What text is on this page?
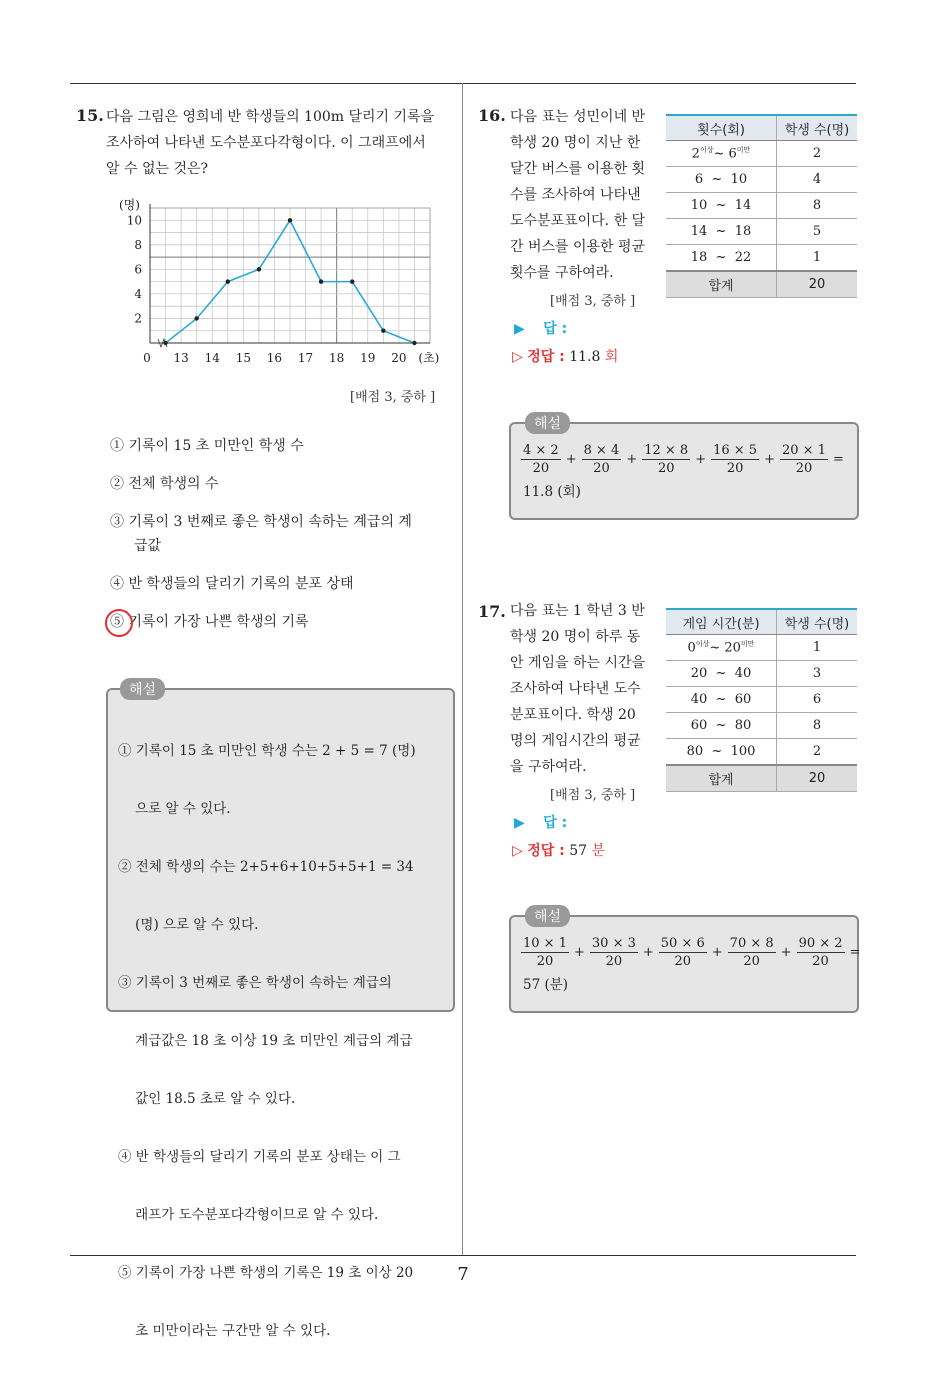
15. 다음 그림은 영희네 반 학생들의 100m 달리기 기록을
조사하여 나타낸 도수분포다각형이다. 이 그래프에서
알 수 없는 것은?
2
4
6
8
10
(명)
0 13 14 15 16 17 18 19 20 (초)
[배점 3, 중하 ]
① 기록이 15 초 미만인 학생 수
② 전체 학생의 수
③ 기록이 3 번째로 좋은 학생이 속하는 계급의 계
급값
④ 반 학생들의 달리기 기록의 분포 상태
⑤ 기록이 가장 나쁜 학생의 기록
해설

① 기록이 15 초 미만인 학생 수는 2 + 5 = 7 (명)

으로 알 수 있다.

② 전체 학생의 수는 2+5+6+10+5+5+1 = 34

(명) 으로 알 수 있다.

③ 기록이 3 번째로 좋은 학생이 속하는 계급의

계급값은 18 초 이상 19 초 미만인 계급의 계급

값인 18.5 초로 알 수 있다.

④ 반 학생들의 달리기 기록의 분포 상태는 이 그

래프가 도수분포다각형이므로 알 수 있다.

⑤ 기록이 가장 나쁜 학생의 기록은 19 초 이상 20

초 미만이라는 구간만 알 수 있다.

16. 다음 표는 성민이네 반
학생 20 명이 지난 한
달간 버스를 이용한 횟
수를 조사하여 나타낸
도수분포표이다. 한 달
간 버스를 이용한 평균
횟수를 구하여라.
[배점 3, 중하 ]
횟수(회)	학생 수(명)
$2^{이상}\sim$ $6^{미만}$	2
6  ~  10	4
10  ~  14	8
14  ~  18	5
18  ~  22	1
합계	20
▶ 답 :
▷ 정답 : 11.8 회
해설
$\frac{4 \times 2}{20} + \frac{8 \times 4}{20} + \frac{12 \times 8}{20} + \frac{16 \times 5}{20} + \frac{20 \times 1}{20}$ =
11.8 (회)
17. 다음 표는 1 학년 3 반
학생 20 명이 하루 동
안 게임을 하는 시간을
조사하여 나타낸 도수
분포표이다. 학생 20
명의 게임시간의 평균
을 구하여라.
[배점 3, 중하 ]
게임 시간(분)	학생 수(명)
$0^{이상}\sim$ $20^{미만}$	1
20  ~  40	3
40  ~  60	6
60  ~  80	8
80  ~  100	2
합계	20
▶ 답 :
▷ 정답 : 57 분
해설
$\frac{10 \times 1}{20} + \frac{30 \times 3}{20} + \frac{50 \times 6}{20} + \frac{70 \times 8}{20} + \frac{90 \times 2}{20}$ =
57 (분)
7
